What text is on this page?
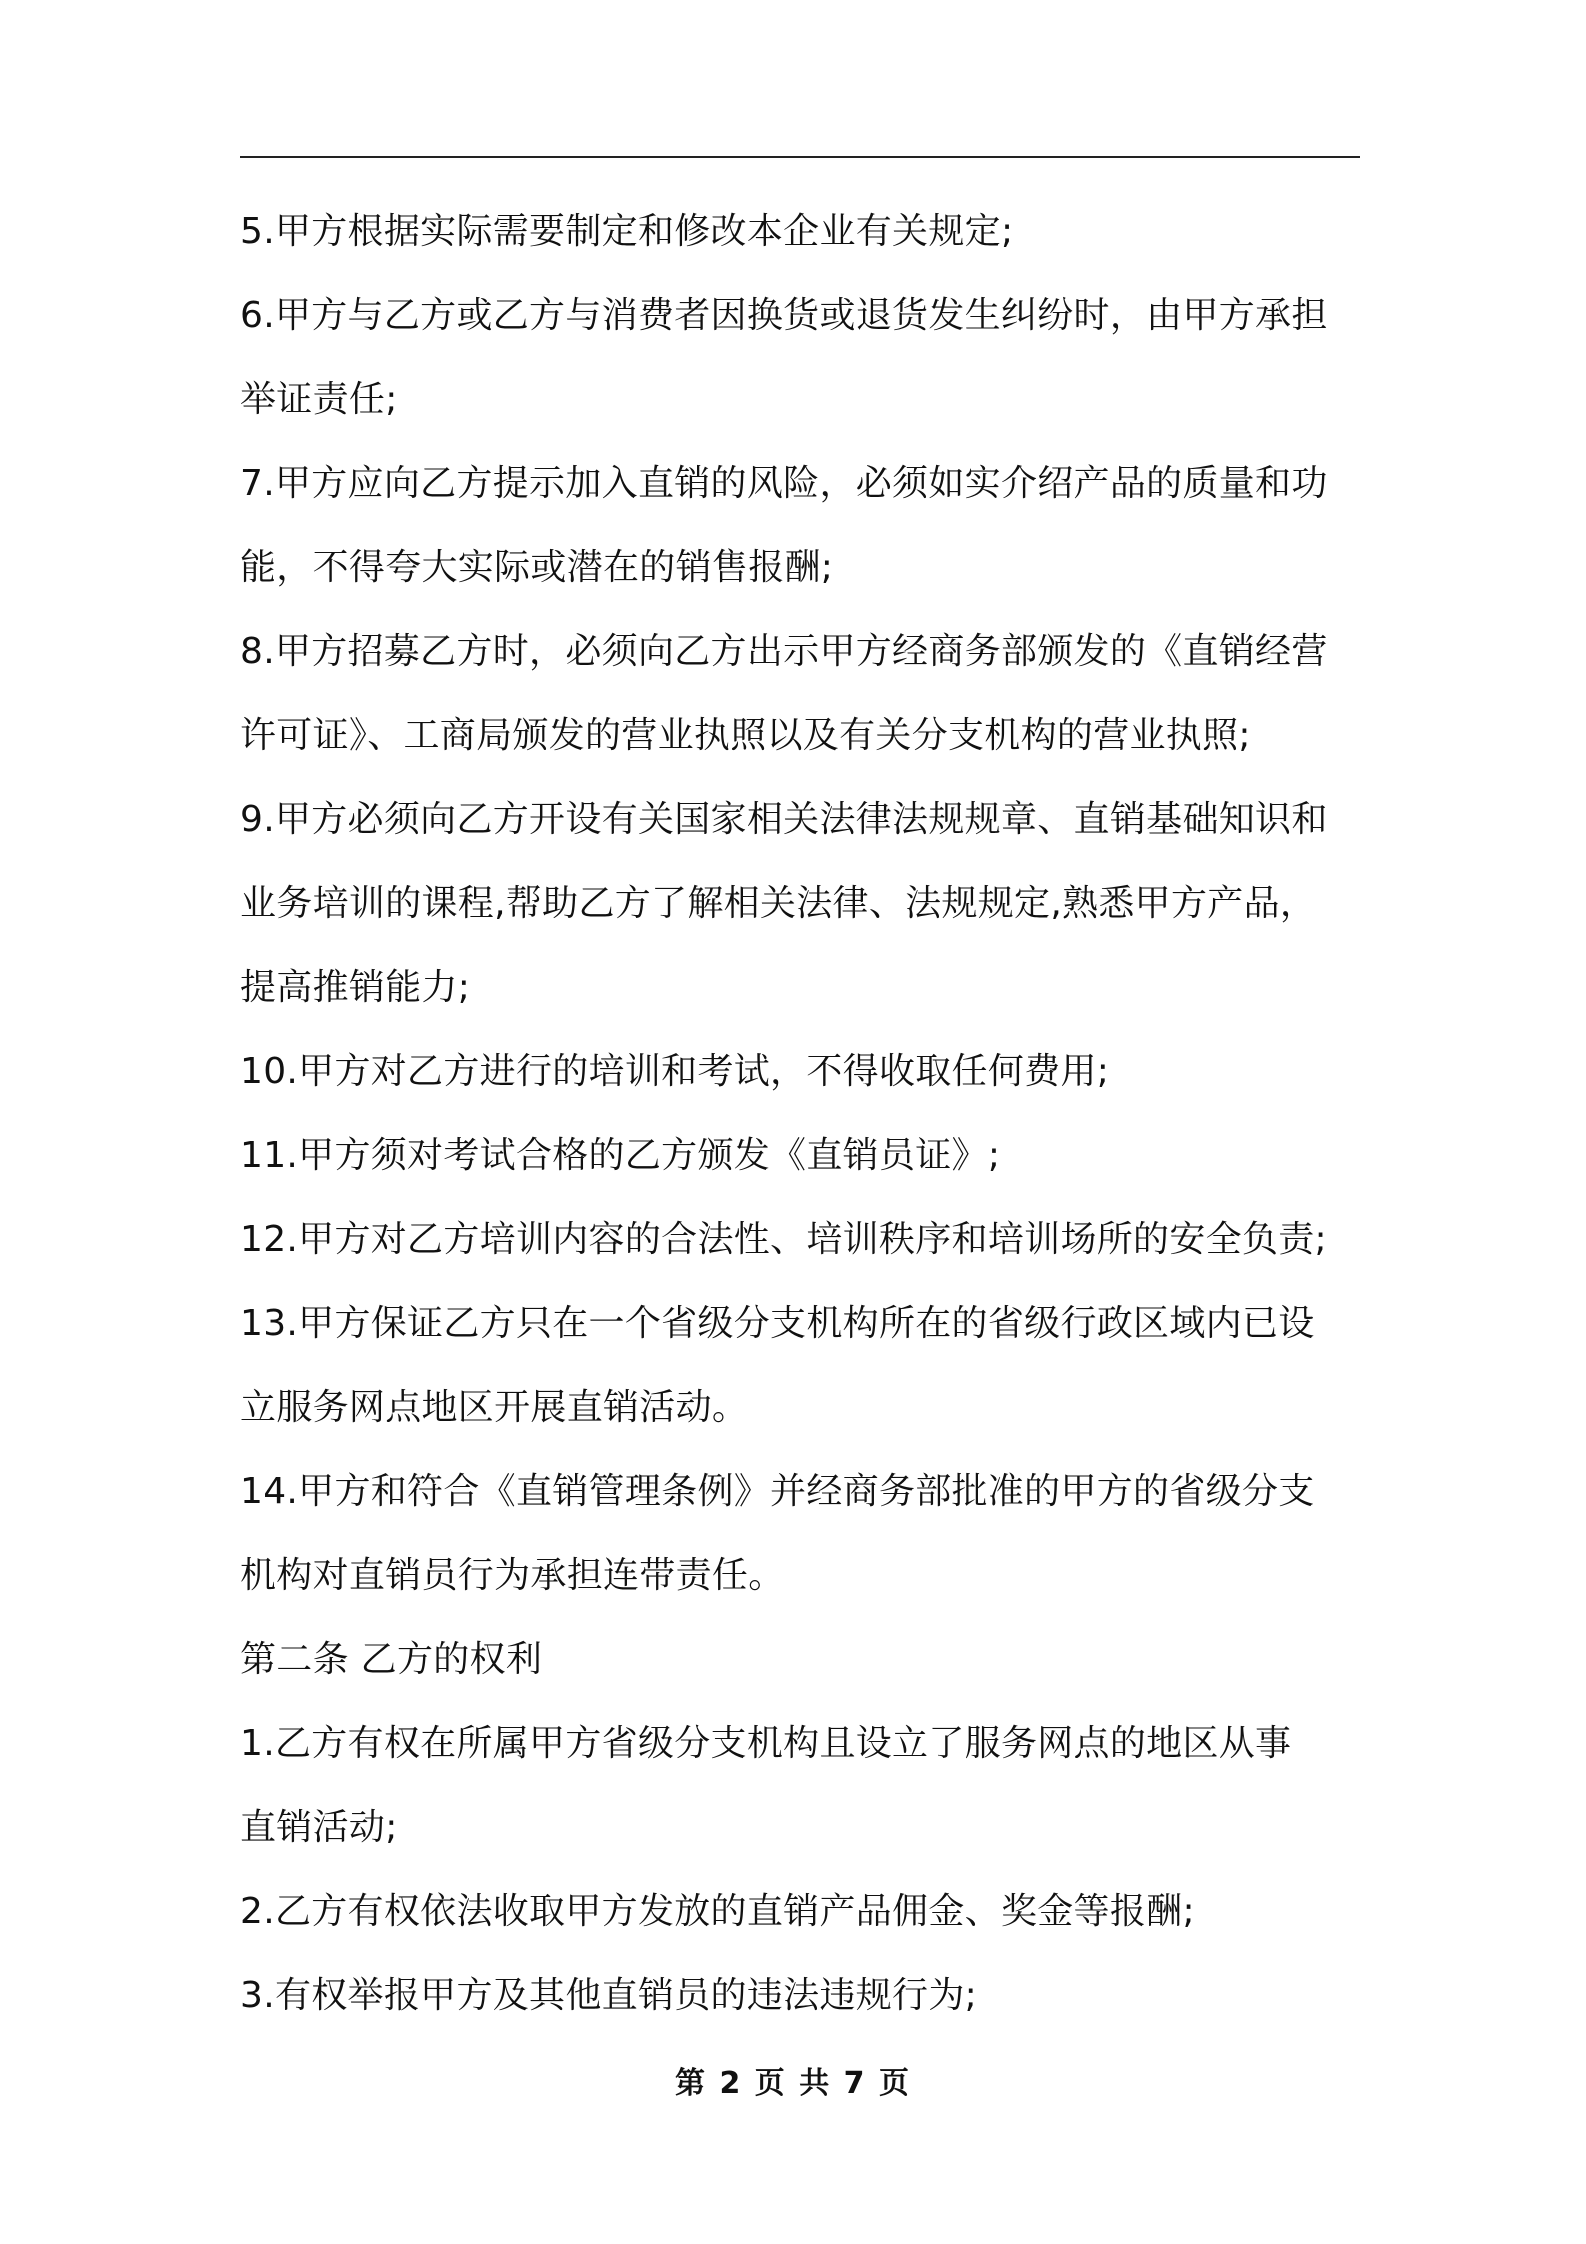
5.甲方根据实际需要制定和修改本企业有关规定;
6.甲方与乙方或乙方与消费者因换货或退货发生纠纷时，由甲方承担
举证责任;
7.甲方应向乙方提示加入直销的风险，必须如实介绍产品的质量和功
能，不得夸大实际或潜在的销售报酬;
8.甲方招募乙方时，必须向乙方出示甲方经商务部颁发的《直销经营
许可证》、工商局颁发的营业执照以及有关分支机构的营业执照;
9.甲方必须向乙方开设有关国家相关法律法规规章、直销基础知识和
业务培训的课程,帮助乙方了解相关法律、法规规定,熟悉甲方产品，
提高推销能力;
10.甲方对乙方进行的培训和考试，不得收取任何费用;
11.甲方须对考试合格的乙方颁发《直销员证》;
12.甲方对乙方培训内容的合法性、培训秩序和培训场所的安全负责;
13.甲方保证乙方只在一个省级分支机构所在的省级行政区域内已设
立服务网点地区开展直销活动。
14.甲方和符合《直销管理条例》并经商务部批准的甲方的省级分支
机构对直销员行为承担连带责任。
第二条 乙方的权利
1.乙方有权在所属甲方省级分支机构且设立了服务网点的地区从事
直销活动;
2.乙方有权依法收取甲方发放的直销产品佣金、奖金等报酬;
3.有权举报甲方及其他直销员的违法违规行为;
第 2 页 共 7 页
